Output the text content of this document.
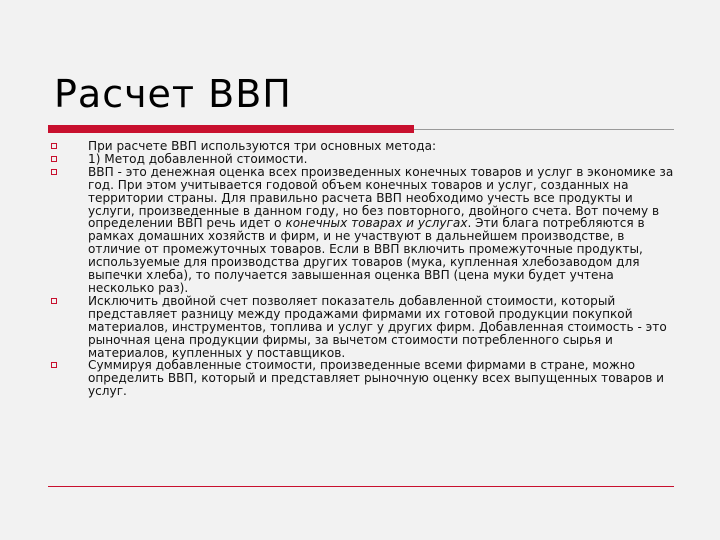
Расчет ВВП

При расчете ВВП используются три основных метода:

1) Метод добавленной стоимости.

ВВП - это денежная оценка всех произведенных конечных товаров и услуг в экономике за год. При этом учитывается годовой объем конечных товаров и услуг, созданных на территории страны. Для правильно расчета ВВП необходимо учесть все продукты и услуги, произведенные в данном году, но без повторного, двойного счета. Вот почему в определении ВВП речь идет о конечных товарах и услугах. Эти блага потребляются в рамках домашних хозяйств и фирм, и не участвуют в дальнейшем производстве, в отличие от промежуточных товаров. Если в ВВП включить промежуточные продукты, используемые для производства других товаров (мука, купленная хлебозаводом для выпечки хлеба), то получается завышенная оценка ВВП (цена муки будет учтена несколько раз).

Исключить двойной счет позволяет показатель добавленной стоимости, который представляет разницу между продажами фирмами их готовой продукции покупкой материалов, инструментов, топлива и услуг у других фирм. Добавленная стоимость - это рыночная цена продукции фирмы, за вычетом стоимости потребленного сырья и материалов, купленных у поставщиков.

Суммируя добавленные стоимости, произведенные всеми фирмами в стране, можно определить ВВП, который и представляет рыночную оценку всех выпущенных товаров и услуг.
